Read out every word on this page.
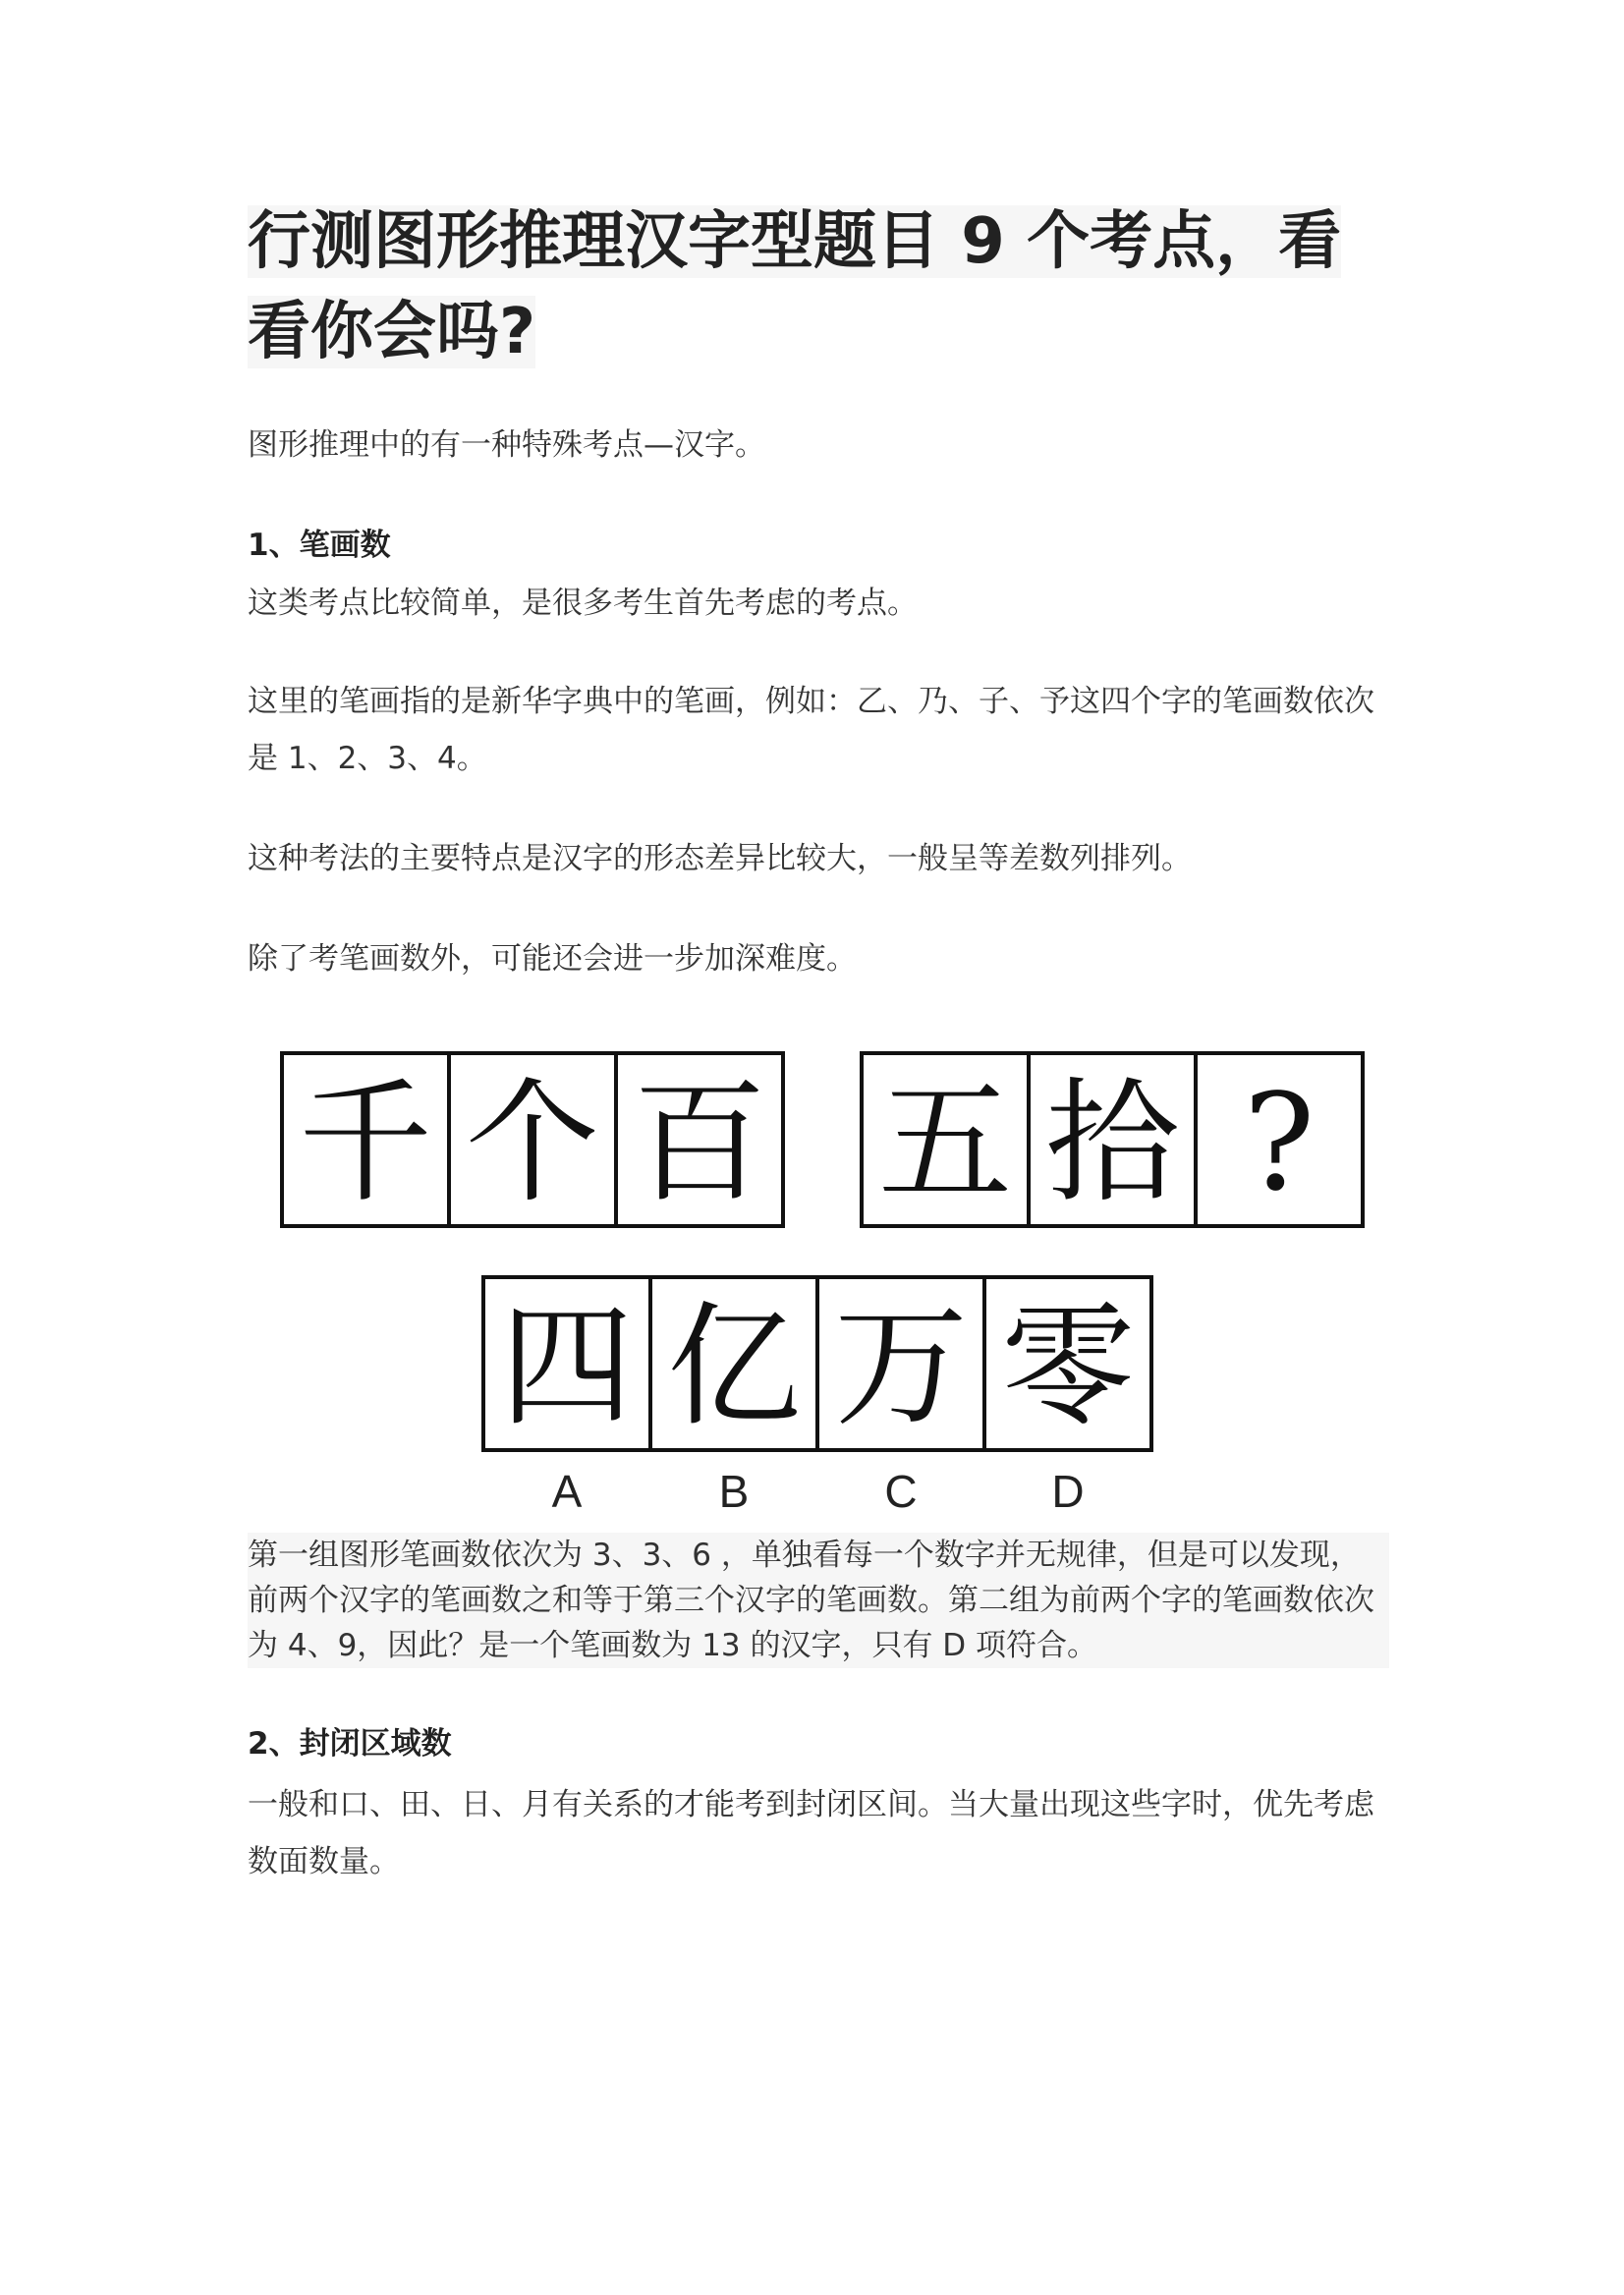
行测图形推理汉字型题目 9 个考点，看看你会吗?

图形推理中的有一种特殊考点—汉字。

1、笔画数

这类考点比较简单，是很多考生首先考虑的考点。

这里的笔画指的是新华字典中的笔画，例如：乙、乃、子、予这四个字的笔画数依次是 1、2、3、4。

这种考法的主要特点是汉字的形态差异比较大，一般呈等差数列排列。

除了考笔画数外，可能还会进一步加深难度。

千 个 百 五 拾 ?
四 亿 万 零
A	B	C	D

第一组图形笔画数依次为 3、3、6 ，单独看每一个数字并无规律，但是可以发现，前两个汉字的笔画数之和等于第三个汉字的笔画数。第二组为前两个字的笔画数依次为 4、9，因此？是一个笔画数为 13 的汉字，只有 D 项符合。

2、封闭区域数

一般和口、田、日、月有关系的才能考到封闭区间。当大量出现这些字时，优先考虑数面数量。
